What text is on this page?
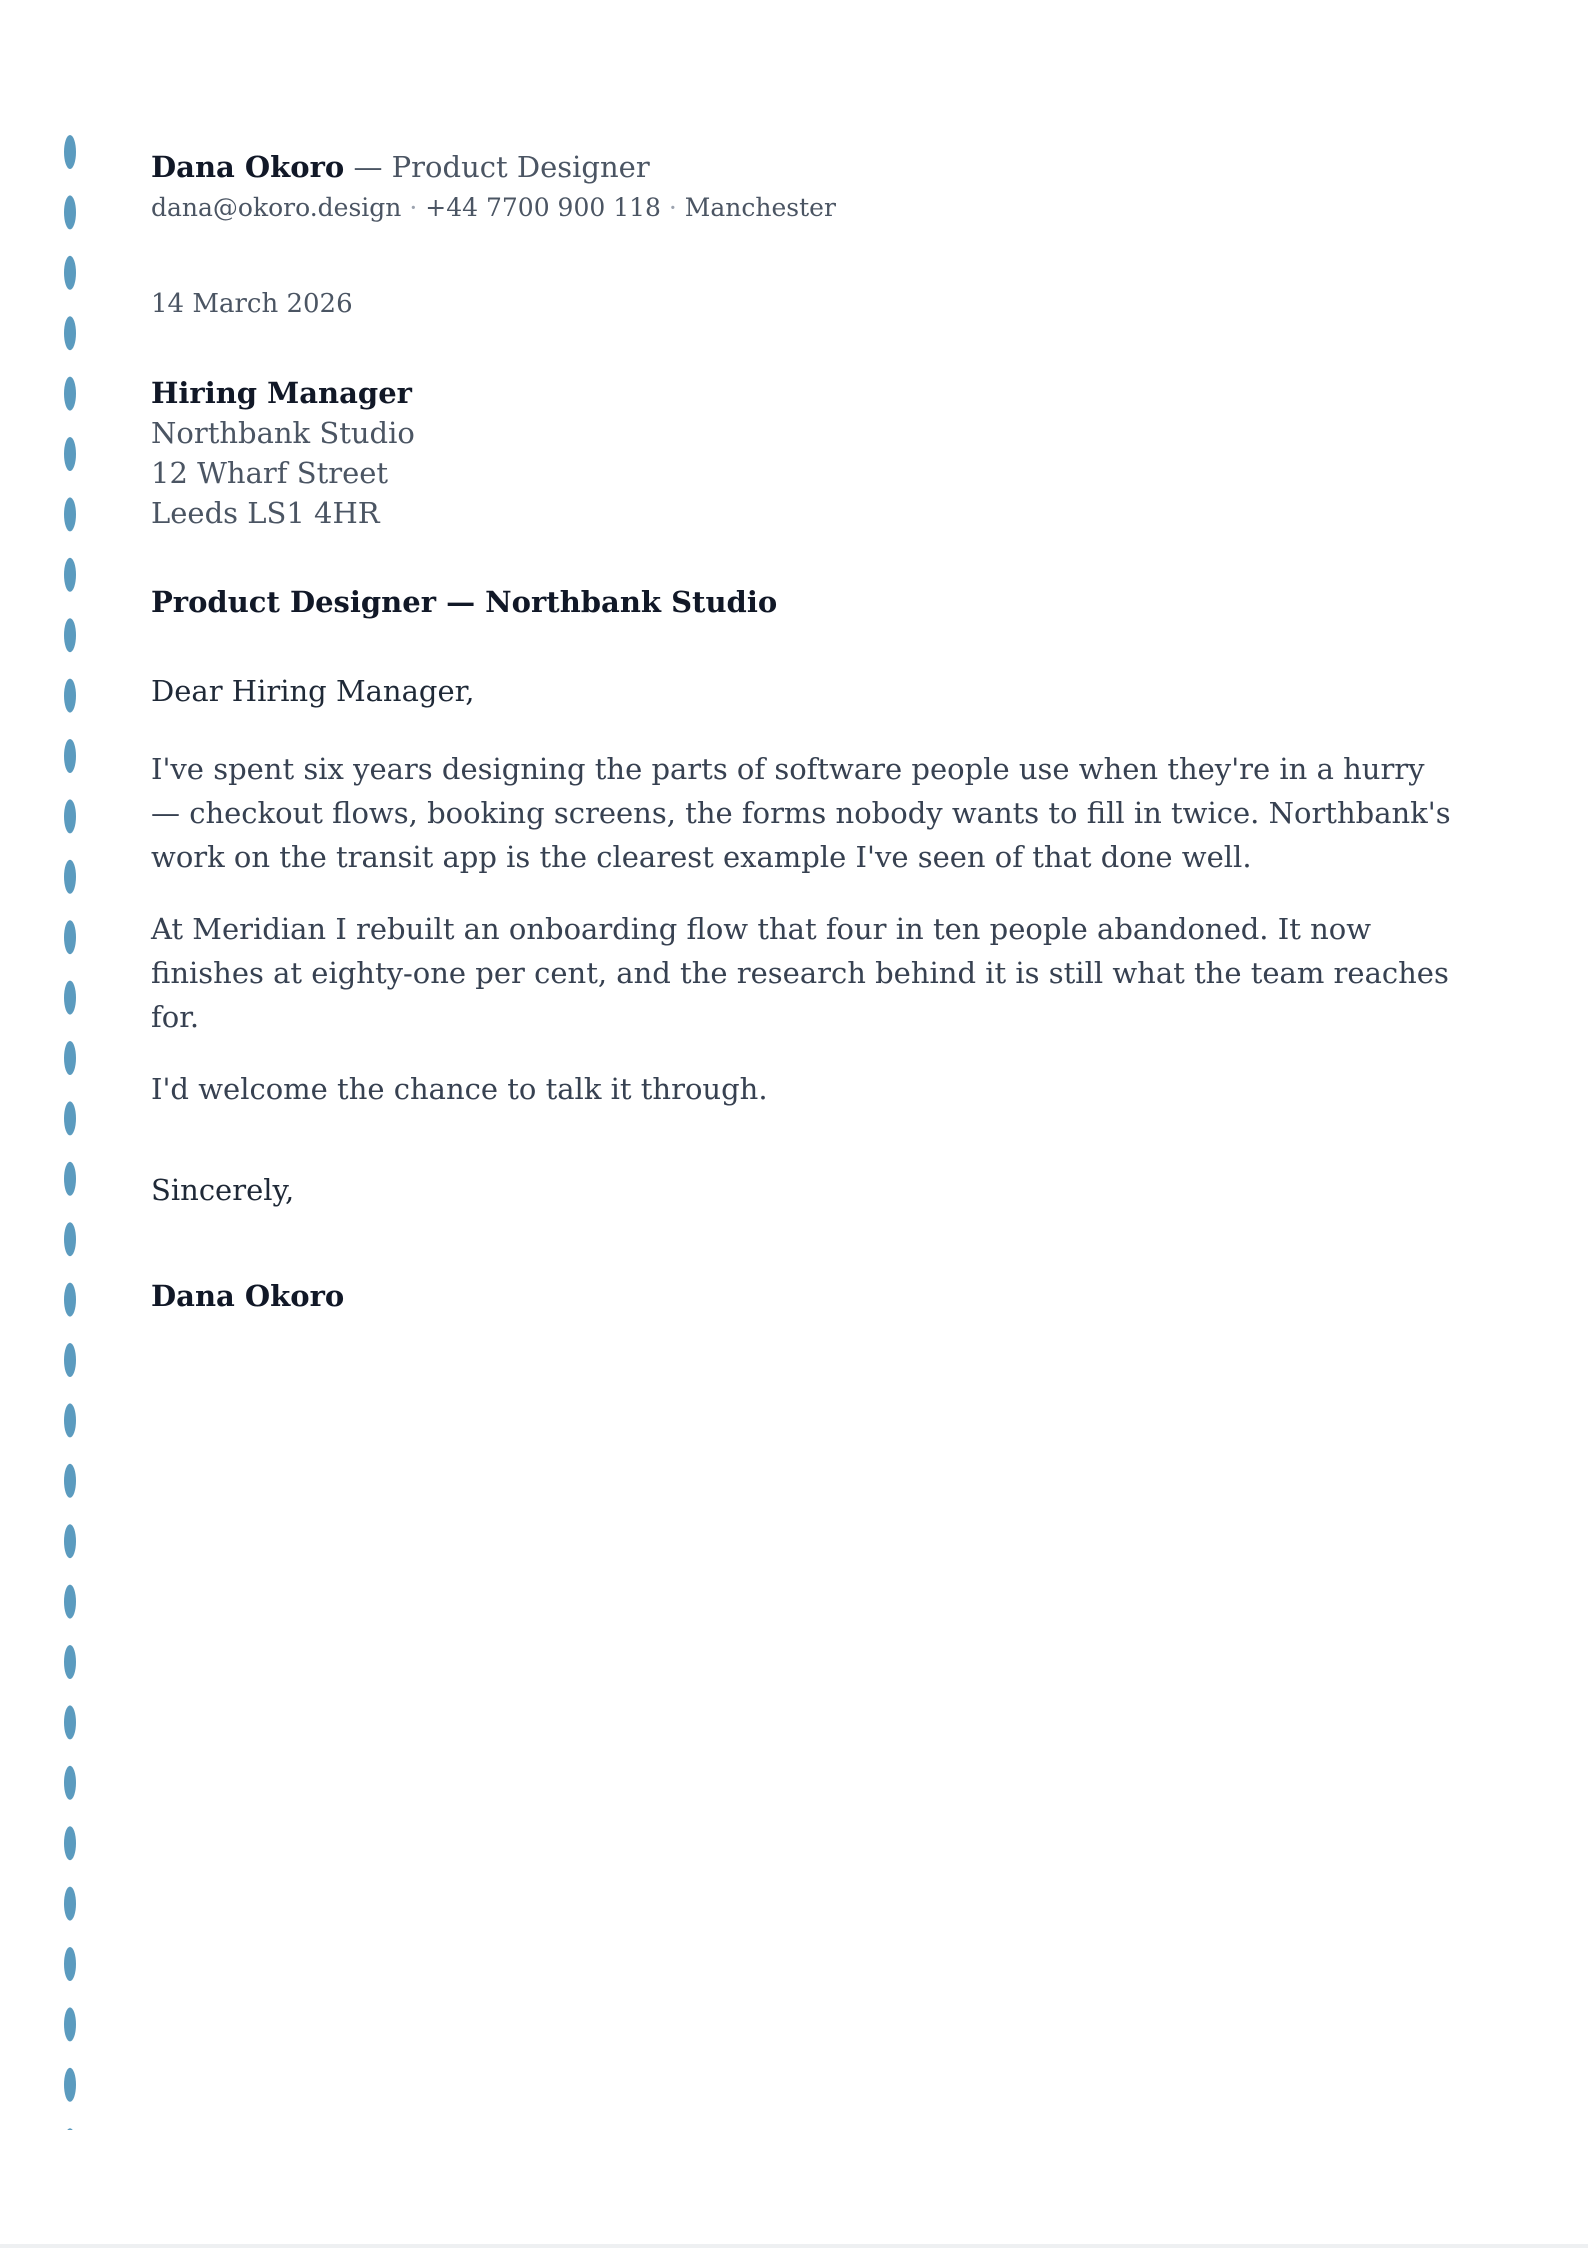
Dana Okoro — Product Designer

dana@okoro.design · +44 7700 900 118 · Manchester

14 March 2026

Hiring Manager
Northbank Studio
12 Wharf Street
Leeds LS1 4HR

Product Designer — Northbank Studio

Dear Hiring Manager,

I've spent six years designing the parts of software people use when they're in a hurry — checkout flows, booking screens, the forms nobody wants to fill in twice. Northbank's work on the transit app is the clearest example I've seen of that done well.

At Meridian I rebuilt an onboarding flow that four in ten people abandoned. It now finishes at eighty-one per cent, and the research behind it is still what the team reaches for.

I'd welcome the chance to talk it through.

Sincerely,

Dana Okoro
